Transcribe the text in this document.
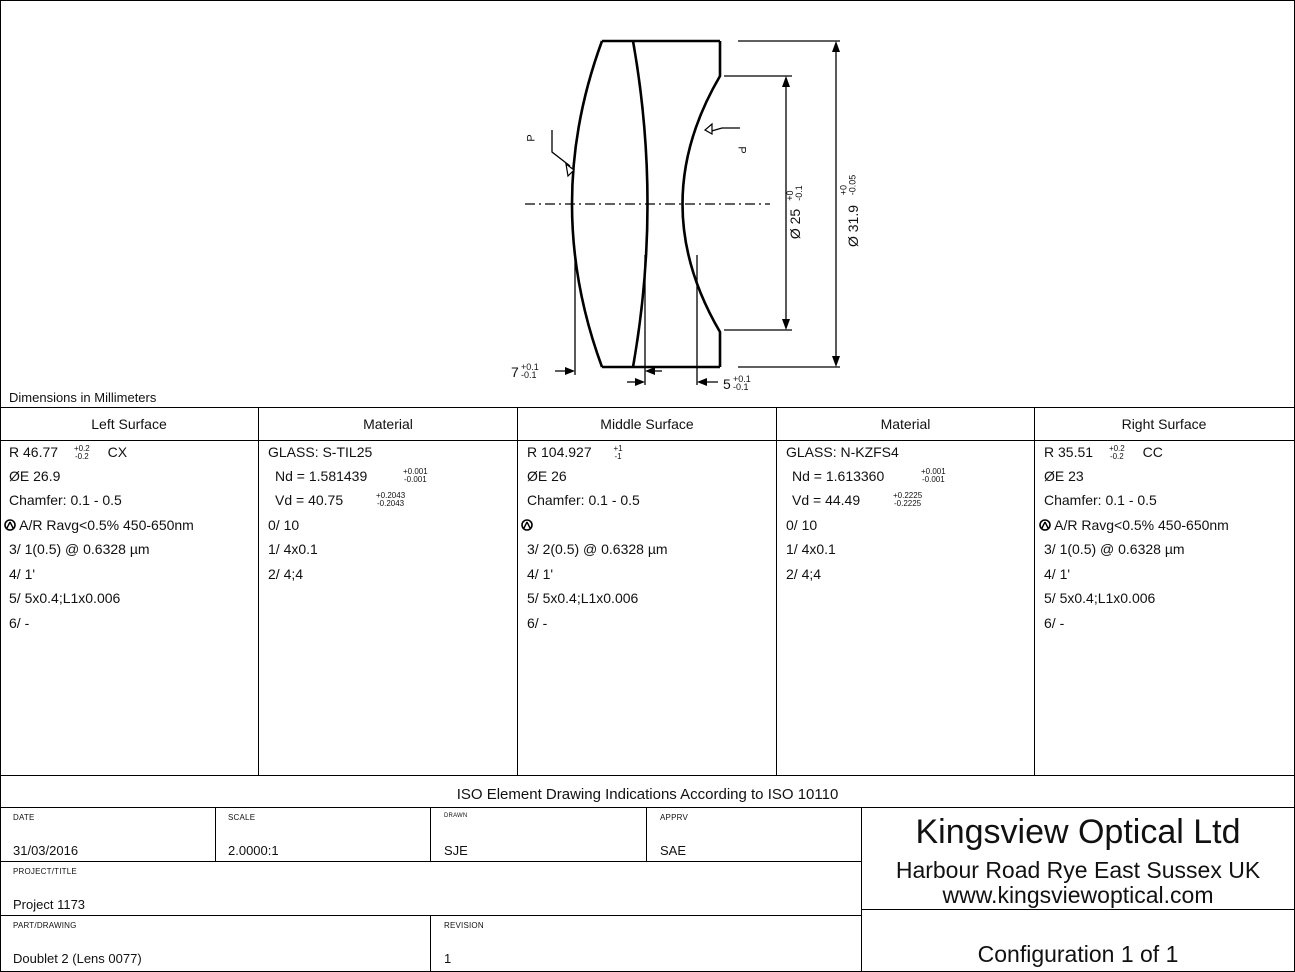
Ø 31.9
+0
-0.05
Ø 25
+0
-0.1
7 +0.1
-0.1
5 +0.1
-0.1
P
P
Dimensions in Millimeters
Left Surface	Material	Middle Surface	Material	Right Surface
R 46.77 +0.2
-0.2 CX
ØE 26.9
Chamfer: 0.1 - 0.5
A/R Ravg<0.5% 450-650nm
3/ 1(0.5) @ 0.6328 µm
4/ 1'
5/ 5x0.4;L1x0.006
6/ -
GLASS: S-TIL25
Nd = 1.581439	+0.001
-0.001
Vd = 40.75	+0.2043
-0.2043
0/ 10
1/ 4x0.1
2/ 4;4
R 104.927	+1
-1
ØE 26
Chamfer: 0.1 - 0.5
3/ 2(0.5) @ 0.6328 µm
4/ 1'
5/ 5x0.4;L1x0.006
6/ -
GLASS: N-KZFS4
Nd = 1.613360	+0.001
-0.001
Vd = 44.49	+0.2225
-0.2225
0/ 10
1/ 4x0.1
2/ 4;4
R 35.51 +0.2
-0.2 CC
ØE 23
Chamfer: 0.1 - 0.5
A/R Ravg<0.5% 450-650nm
3/ 1(0.5) @ 0.6328 µm
4/ 1'
5/ 5x0.4;L1x0.006
6/ -
ISO Element Drawing Indications According to ISO 10110
DATE
31/03/2016
SCALE
2.0000:1
DRAWN
SJE
APPRV
SAE
PROJECT/TITLE
Project 1173
PART/DRAWING
Doublet 2 (Lens 0077)
REVISION
1
Kingsview Optical Ltd
Harbour Road Rye East Sussex UK
www.kingsviewoptical.com
Configuration 1 of 1
